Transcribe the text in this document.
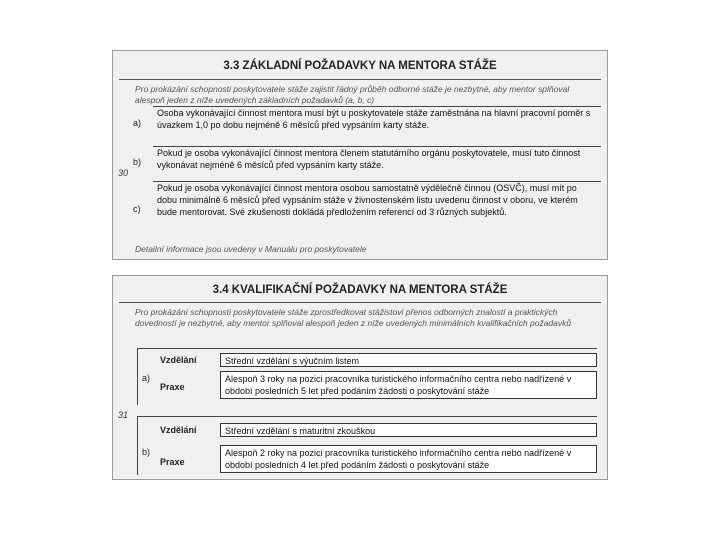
3.3 ZÁKLADNÍ POŽADAVKY NA MENTORA STÁŽE
Pro prokázání schopnosti poskytovatele stáže zajistit řádný průběh odborné stáže je nezbytné, aby mentor splňoval alespoň jeden z níže uvedených základních požadavků (a, b, c)
Osoba vykonávající činnost mentora musí být u poskytovatele stáže zaměstnána na hlavní pracovní poměr s úvazkem 1,0 po dobu nejméně 6 měsíců před vypsáním karty stáže.
a)
Pokud je osoba vykonávající činnost mentora členem statutárního orgánu poskytovatele, musí tuto činnost vykonávat nejméně 6 měsíců před vypsáním karty stáže.
b)
Pokud je osoba vykonávající činnost mentora osobou samostatně výdělečně činnou (OSVČ), musí mít po dobu minimálně 6 měsíců před vypsáním stáže v živnostenském listu uvedenu činnost v oboru, ve kterém bude mentorovat. Své zkušenosti dokládá předložením referencí od 3 různých subjektů.
c)
Detailní informace jsou uvedeny v Manuálu pro poskytovatele
30
3.4 KVALIFIKAČNÍ POŽADAVKY NA MENTORA STÁŽE
Pro prokázání schopnosti poskytovatele stáže zprostředkovat stážistovi přenos odborných znalostí a praktických dovedností je nezbytné, aby mentor splňoval alespoň jeden z níže uvedených minimálních kvalifikačních požadavků
Vzdělání	Střední vzdělání s výučním listem
a)
Praxe
Alespoň 3 roky na pozici pracovníka turistického informačního centra nebo nadřízené v období posledních 5 let před podáním žádosti o poskytování stáže
Vzdělání	Střední vzdělání s maturitní zkouškou
b)
Praxe
Alespoň 2 roky na pozici pracovníka turistického informačního centra nebo nadřízené v období posledních 4 let před podáním žádosti o poskytování stáže
31
